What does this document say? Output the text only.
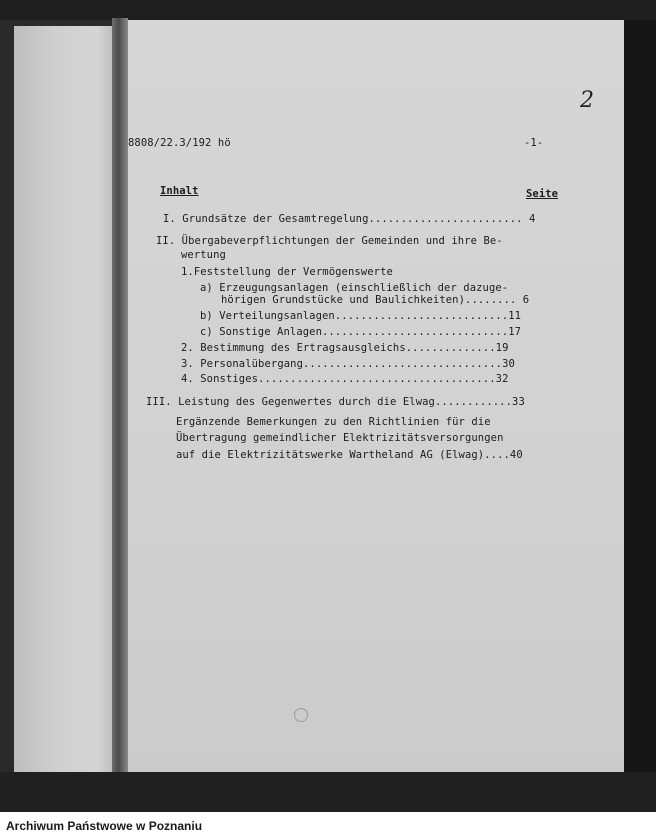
2
8808/22.3/192 hö	-1-
Inhalt	Seite
I. Grundsätze der Gesamtregelung........................ 4
II. Übergabeverpflichtungen der Gemeinden und ihre Be-
wertung
1.Feststellung der Vermögenswerte
a) Erzeugungsanlagen (einschließlich der dazuge-
hörigen Grundstücke und Baulichkeiten)........ 6
b) Verteilungsanlagen...........................11
c) Sonstige Anlagen.............................17
2. Bestimmung des Ertragsausgleichs..............19
3. Personalübergang...............................30
4. Sonstiges.....................................32
III. Leistung des Gegenwertes durch die Elwag............33
Ergänzende Bemerkungen zu den Richtlinien für die
Übertragung gemeindlicher Elektrizitätsversorgungen
auf die Elektrizitätswerke Wartheland AG (Elwag)....40
Archiwum Państwowe w Poznaniu
